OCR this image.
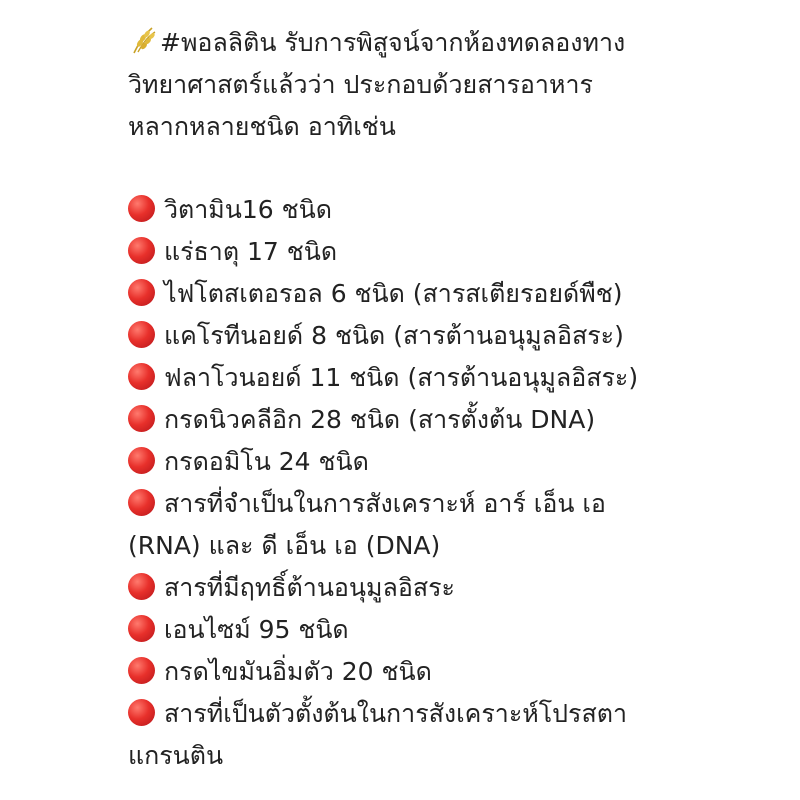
#พอลลิติน รับการพิสูจน์จากห้องทดลองทาง
วิทยาศาสตร์แล้วว่า ประกอบด้วยสารอาหาร
หลากหลายชนิด อาทิเช่น

วิตามิน16 ชนิด
แร่ธาตุ 17 ชนิด
ไฟโตสเตอรอล 6 ชนิด (สารสเตียรอยด์พืช)
แคโรทีนอยด์ 8 ชนิด (สารต้านอนุมูลอิสระ)
ฟลาโวนอยด์ 11 ชนิด (สารต้านอนุมูลอิสระ)
กรดนิวคลีอิก 28 ชนิด (สารตั้งต้น DNA)
กรดอมิโน 24 ชนิด
สารที่จำเป็นในการสังเคราะห์ อาร์ เอ็น เอ
(RNA) และ ดี เอ็น เอ (DNA)
สารที่มีฤทธิ์ต้านอนุมูลอิสระ
เอนไซม์ 95 ชนิด
กรดไขมันอิ่มตัว 20 ชนิด
สารที่เป็นตัวตั้งต้นในการสังเคราะห์โปรสตา
แกรนติน
